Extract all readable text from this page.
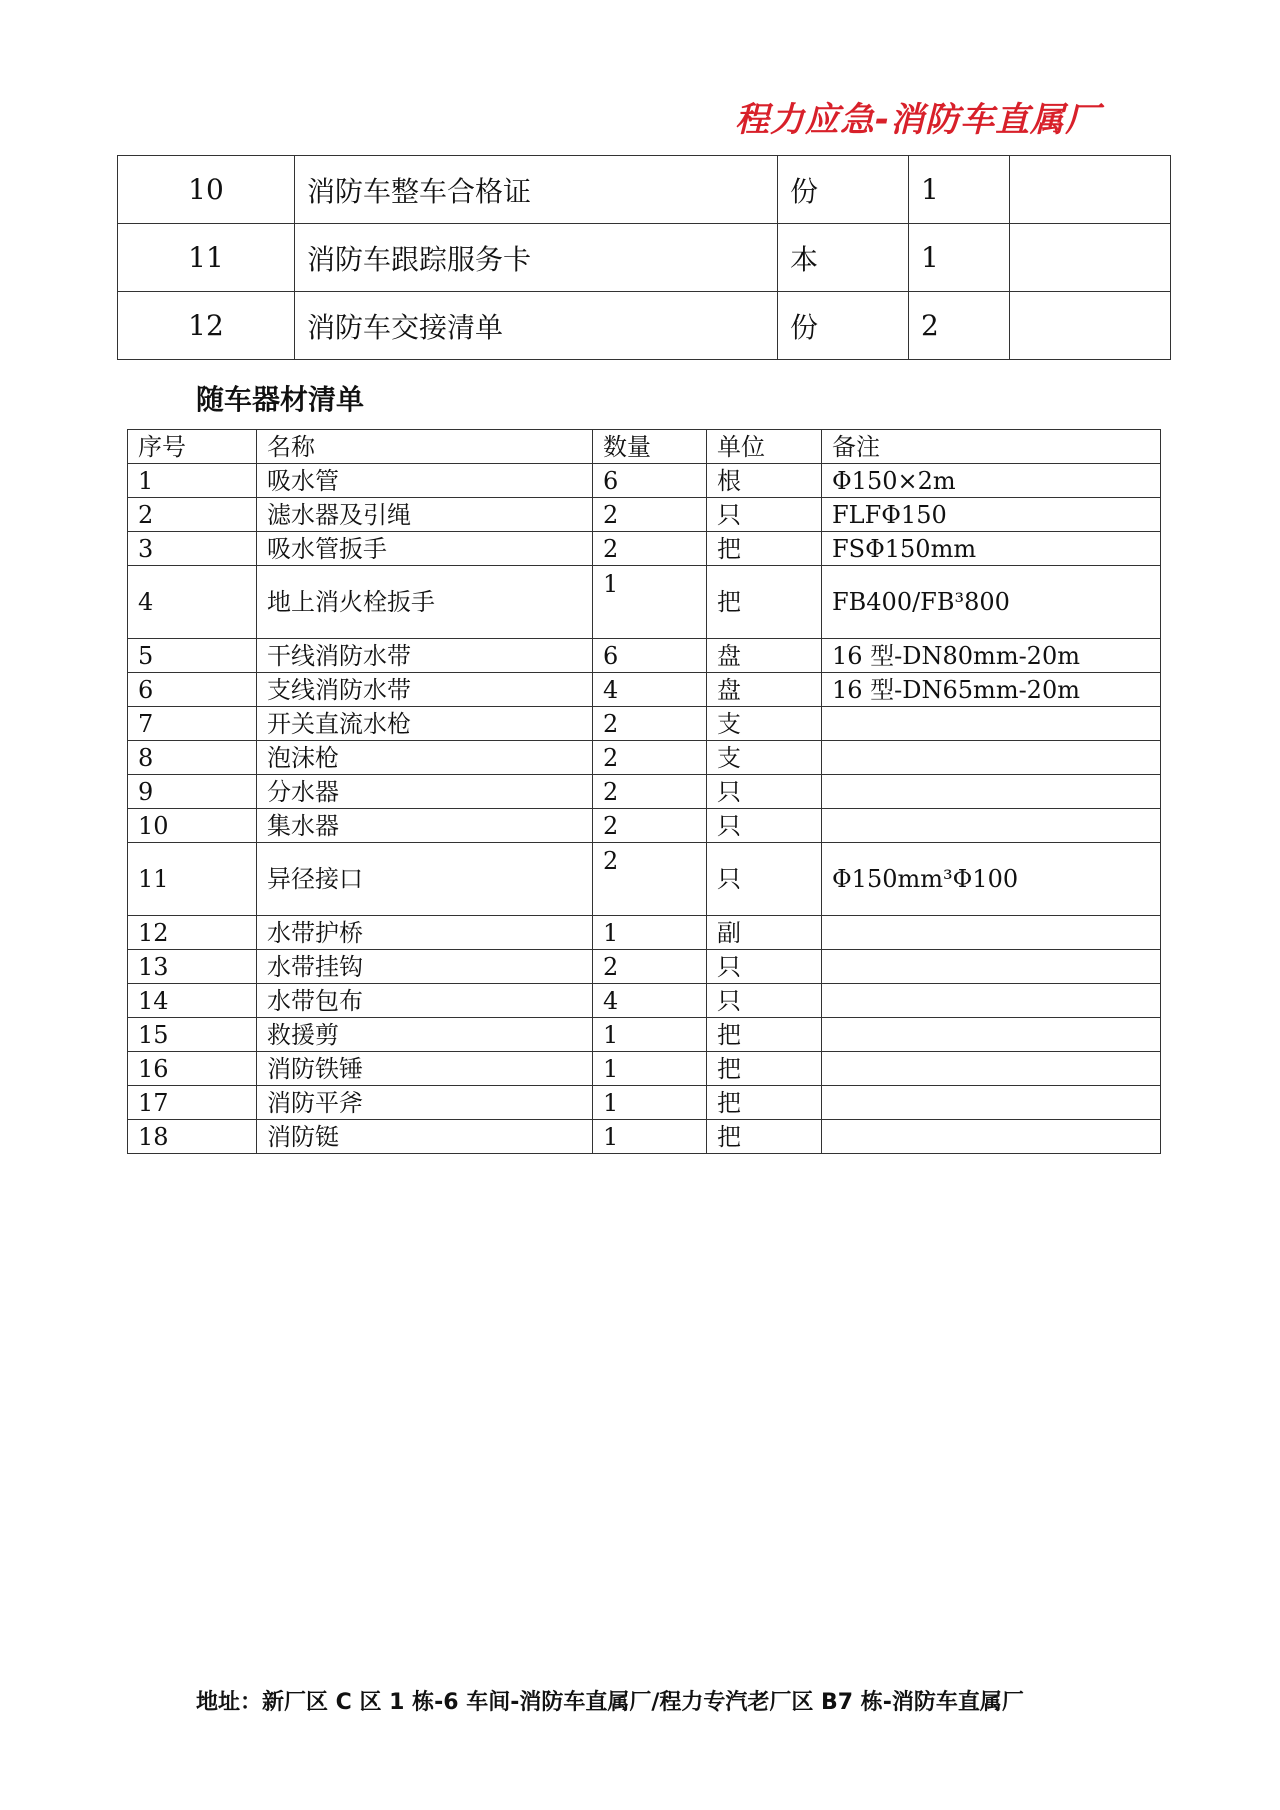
程力应急-消防车直属厂
10	消防车整车合格证	份	1	
11	消防车跟踪服务卡	本	1	
12	消防车交接清单	份	2	
随车器材清单
序号	名称	数量	单位	备注
1	吸水管	6	根	Φ150×2m
2	滤水器及引绳	2	只	FLFΦ150
3	吸水管扳手	2	把	FSΦ150mm
4	地上消火栓扳手	1	把	FB400/FB³800
5	干线消防水带	6	盘	16 型-DN80mm-20m
6	支线消防水带	4	盘	16 型-DN65mm-20m
7	开关直流水枪	2	支	
8	泡沫枪	2	支	
9	分水器	2	只	
10	集水器	2	只	
11	异径接口	2	只	Φ150mm³Φ100
12	水带护桥	1	副	
13	水带挂钩	2	只	
14	水带包布	4	只	
15	救援剪	1	把	
16	消防铁锤	1	把	
17	消防平斧	1	把	
18	消防铤	1	把	
地址：新厂区 C 区 1 栋-6 车间-消防车直属厂/程力专汽老厂区 B7 栋-消防车直属厂
